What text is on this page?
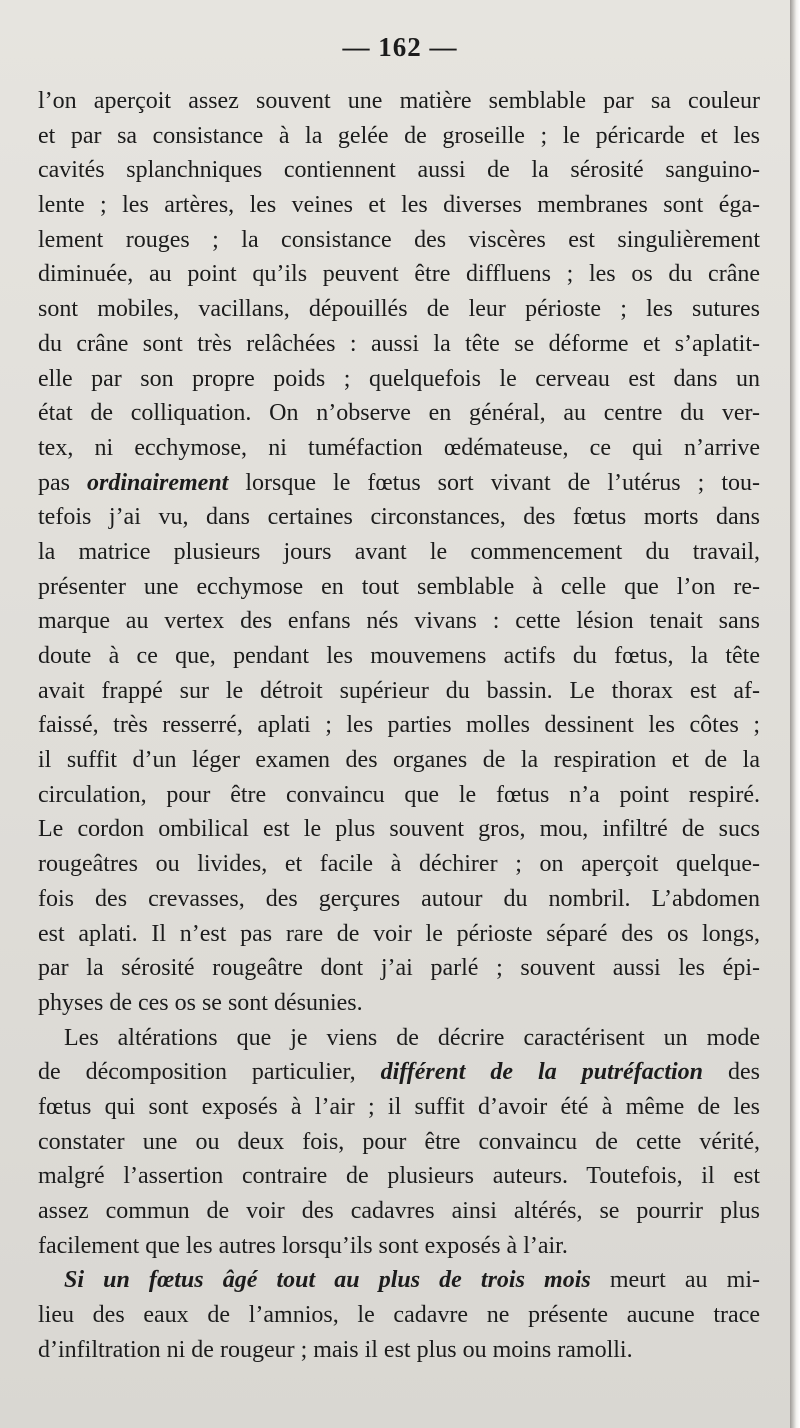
— 162 —
l’on aperçoit assez souvent une matière semblable par sa couleur
et par sa consistance à la gelée de groseille ; le péricarde et les
cavités splanchniques contiennent aussi de la sérosité sanguino-
lente ; les artères, les veines et les diverses membranes sont éga-
lement rouges ; la consistance des viscères est singulièrement
diminuée, au point qu’ils peuvent être diffluens ; les os du crâne
sont mobiles, vacillans, dépouillés de leur périoste ; les sutures
du crâne sont très relâchées : aussi la tête se déforme et s’aplatit-
elle par son propre poids ; quelquefois le cerveau est dans un
état de colliquation. On n’observe en général, au centre du ver-
tex, ni ecchymose, ni tuméfaction œdémateuse, ce qui n’arrive
pas ordinairement lorsque le fœtus sort vivant de l’utérus ; tou-
tefois j’ai vu, dans certaines circonstances, des fœtus morts dans
la matrice plusieurs jours avant le commencement du travail,
présenter une ecchymose en tout semblable à celle que l’on re-
marque au vertex des enfans nés vivans : cette lésion tenait sans
doute à ce que, pendant les mouvemens actifs du fœtus, la tête
avait frappé sur le détroit supérieur du bassin. Le thorax est af-
faissé, très resserré, aplati ; les parties molles dessinent les côtes ;
il suffit d’un léger examen des organes de la respiration et de la
circulation, pour être convaincu que le fœtus n’a point respiré.
Le cordon ombilical est le plus souvent gros, mou, infiltré de sucs
rougeâtres ou livides, et facile à déchirer ; on aperçoit quelque-
fois des crevasses, des gerçures autour du nombril. L’abdomen
est aplati. Il n’est pas rare de voir le périoste séparé des os longs,
par la sérosité rougeâtre dont j’ai parlé ; souvent aussi les épi-
physes de ces os se sont désunies.
Les altérations que je viens de décrire caractérisent un mode
de décomposition particulier, différent de la putréfaction des
fœtus qui sont exposés à l’air ; il suffit d’avoir été à même de les
constater une ou deux fois, pour être convaincu de cette vérité,
malgré l’assertion contraire de plusieurs auteurs. Toutefois, il est
assez commun de voir des cadavres ainsi altérés, se pourrir plus
facilement que les autres lorsqu’ils sont exposés à l’air.
Si un fœtus âgé tout au plus de trois mois meurt au mi-
lieu des eaux de l’amnios, le cadavre ne présente aucune trace
d’infiltration ni de rougeur ; mais il est plus ou moins ramolli.
